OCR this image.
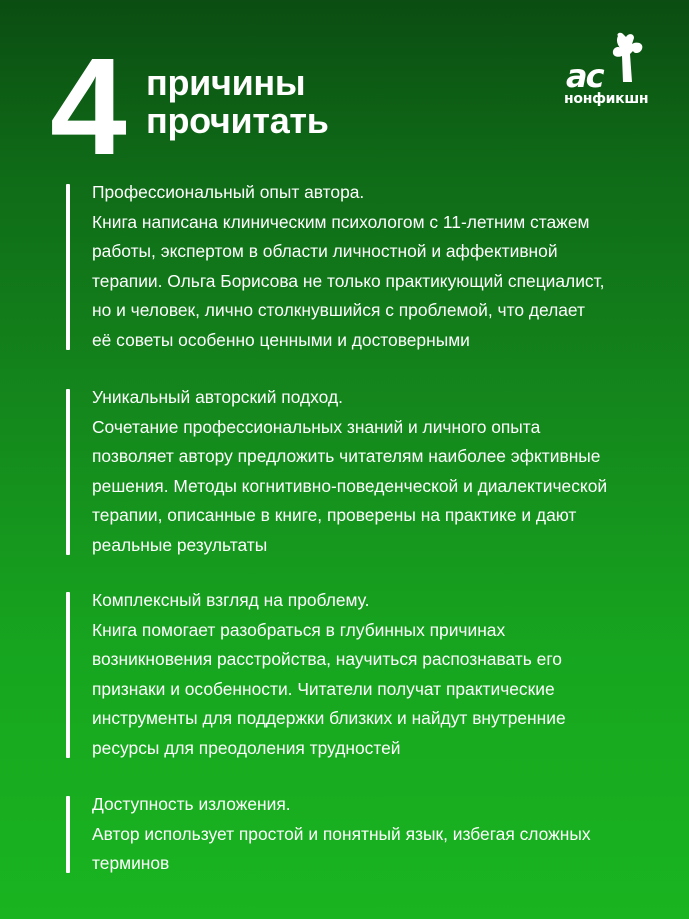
4 причины
прочитать
ас
нонфикшн

Профессиональный опыт автора.

Книга написана клиническим психологом с 11-летним стажем

работы, экспертом в области личностной и аффективной

терапии. Ольга Борисова не только практикующий специалист,

но и человек, лично столкнувшийся с проблемой, что делает

её советы особенно ценными и достоверными

Уникальный авторский подход.

Сочетание профессиональных знаний и личного опыта

позволяет автору предложить читателям наиболее эфктивные

решения. Методы когнитивно-поведенческой и диалектической

терапии, описанные в книге, проверены на практике и дают

реальные результаты

Комплексный взгляд на проблему.

Книга помогает разобраться в глубинных причинах

возникновения расстройства, научиться распознавать его

признаки и особенности. Читатели получат практические

инструменты для поддержки близких и найдут внутренние

ресурсы для преодоления трудностей

Доступность изложения.

Автор использует простой и понятный язык, избегая сложных

терминов
